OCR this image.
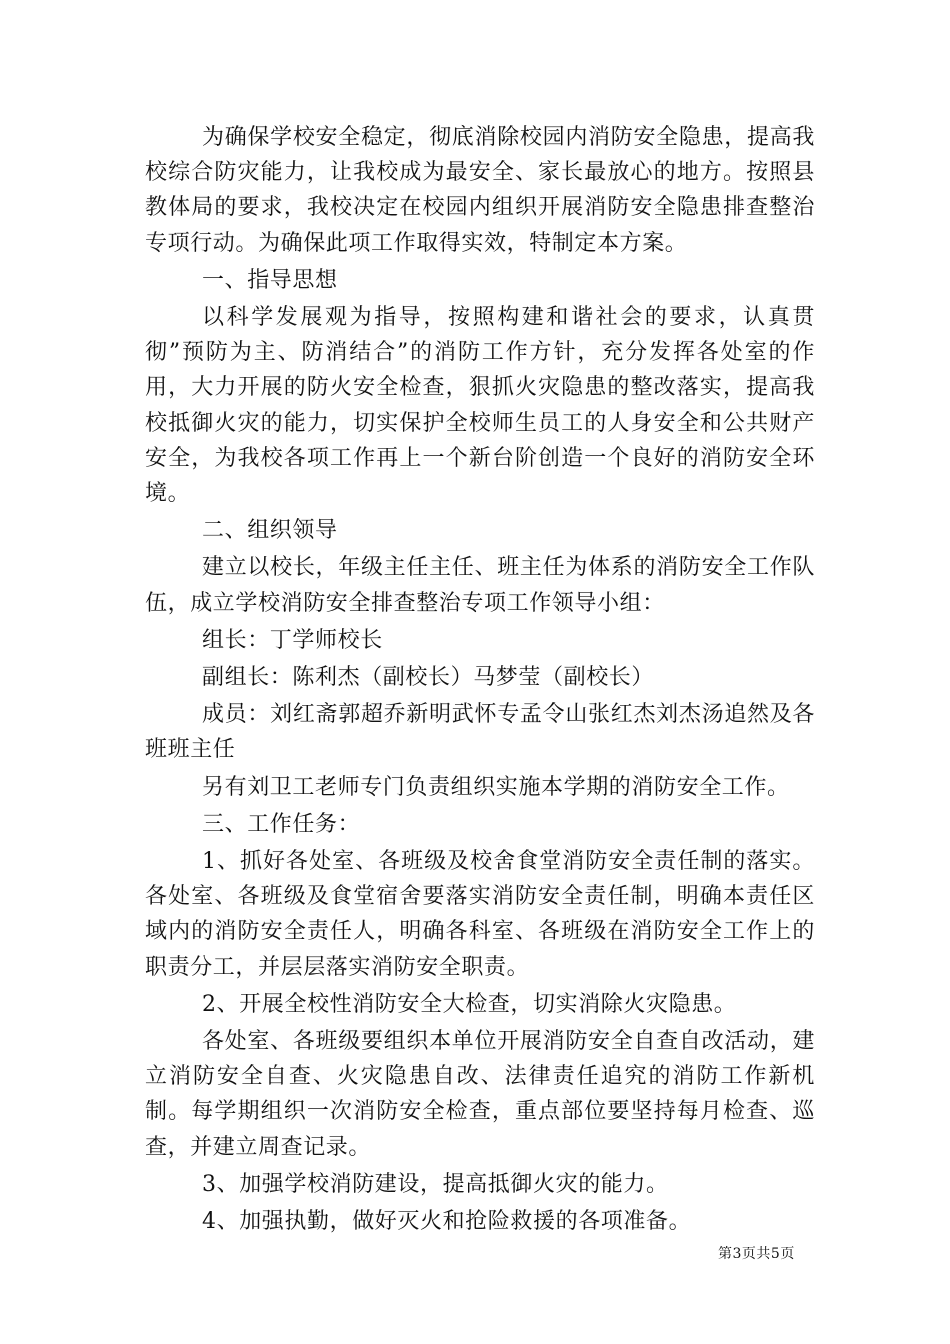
为确保学校安全稳定，彻底消除校园内消防安全隐患，提高我校综合防灾能力，让我校成为最安全、家长最放心的地方。按照县教体局的要求，我校决定在校园内组织开展消防安全隐患排查整治专项行动。为确保此项工作取得实效，特制定本方案。

一、指导思想

以科学发展观为指导，按照构建和谐社会的要求，认真贯彻”预防为主、防消结合”的消防工作方针，充分发挥各处室的作用，大力开展的防火安全检查，狠抓火灾隐患的整改落实，提高我校抵御火灾的能力，切实保护全校师生员工的人身安全和公共财产安全，为我校各项工作再上一个新台阶创造一个良好的消防安全环境。

二、组织领导

建立以校长，年级主任主任、班主任为体系的消防安全工作队伍，成立学校消防安全排查整治专项工作领导小组：

组长：丁学师校长

副组长：陈利杰（副校长）马梦莹（副校长）

成员：刘红斋郭超乔新明武怀专孟令山张红杰刘杰汤追然及各班班主任

另有刘卫工老师专门负责组织实施本学期的消防安全工作。

三、工作任务：

1、抓好各处室、各班级及校舍食堂消防安全责任制的落实。各处室、各班级及食堂宿舍要落实消防安全责任制，明确本责任区域内的消防安全责任人，明确各科室、各班级在消防安全工作上的职责分工，并层层落实消防安全职责。

2、开展全校性消防安全大检查，切实消除火灾隐患。

各处室、各班级要组织本单位开展消防安全自查自改活动，建立消防安全自查、火灾隐患自改、法律责任追究的消防工作新机制。每学期组织一次消防安全检查，重点部位要坚持每月检查、巡查，并建立周查记录。

3、加强学校消防建设，提高抵御火灾的能力。

4、加强执勤，做好灭火和抢险救援的各项准备。

第3页共5页
